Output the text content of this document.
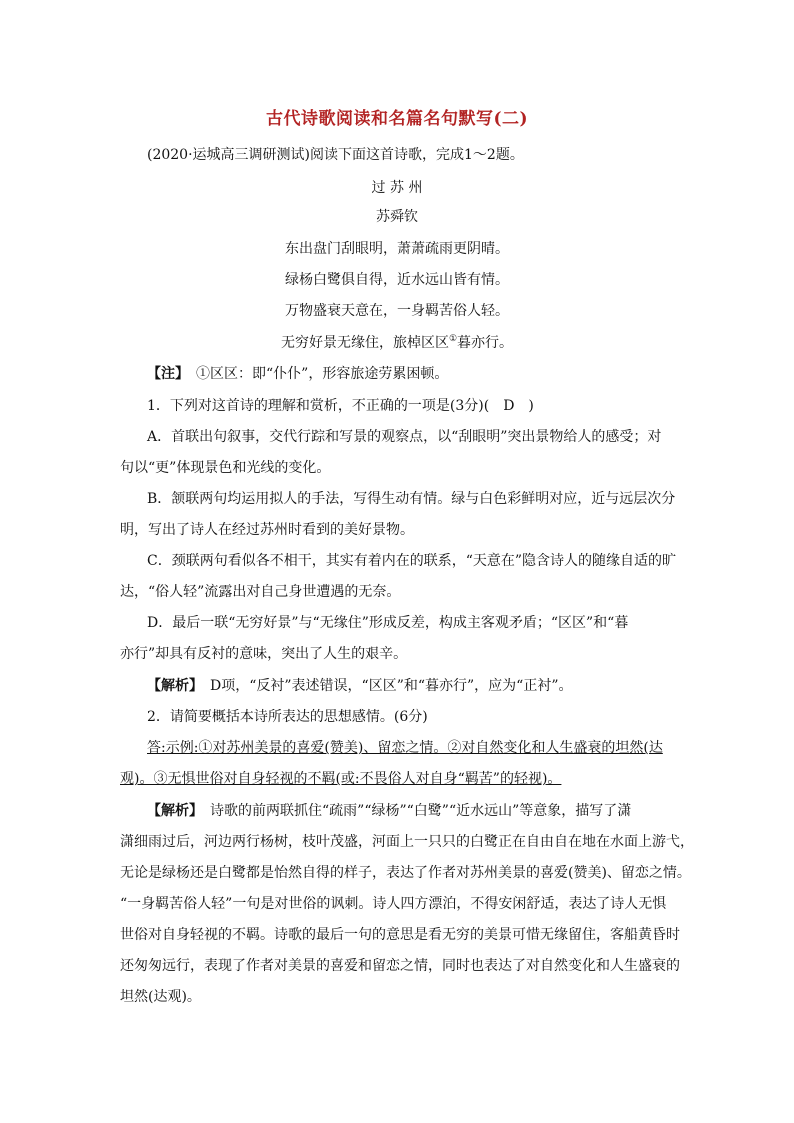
古代诗歌阅读和名篇名句默写(二)
(2020·运城高三调研测试)阅读下面这首诗歌，完成1～2题。
过 苏 州
苏舜钦
东出盘门刮眼明，萧萧疏雨更阴晴。
绿杨白鹭俱自得，近水远山皆有情。
万物盛衰天意在，一身羁苦俗人轻。
无穷好景无缘住，旅棹区区①暮亦行。
【注】　 ①区区：即“仆仆”，形容旅途劳累困顿。
1．下列对这首诗的理解和赏析，不正确的一项是(3分)(　D　)
A．首联出句叙事，交代行踪和写景的观察点，以“刮眼明”突出景物给人的感受；对
句以“更”体现景色和光线的变化。
B．颔联两句均运用拟人的手法，写得生动有情。绿与白色彩鲜明对应，近与远层次分
明，写出了诗人在经过苏州时看到的美好景物。
C．颈联两句看似各不相干，其实有着内在的联系，“天意在”隐含诗人的随缘自适的旷
达，“俗人轻”流露出对自己身世遭遇的无奈。
D．最后一联“无穷好景”与“无缘住”形成反差，构成主客观矛盾；“区区”和“暮
亦行”却具有反衬的意味，突出了人生的艰辛。
【解析】　 D项，“反衬”表述错误，“区区”和“暮亦行”，应为“正衬”。
2．请简要概括本诗所表达的思想感情。(6分)
答:示例:①对苏州美景的喜爱(赞美)、留恋之情。②对自然变化和人生盛衰的坦然(达
观)。③无惧世俗对自身轻视的不羁(或:不畏俗人对自身“羁苦”的轻视)。
【解析】　 诗歌的前两联抓住“疏雨”“绿杨”“白鹭”“近水远山”等意象，描写了潇
潇细雨过后，河边两行杨树，枝叶茂盛，河面上一只只的白鹭正在自由自在地在水面上游弋，
无论是绿杨还是白鹭都是怡然自得的样子，表达了作者对苏州美景的喜爱(赞美)、留恋之情。
“一身羁苦俗人轻”一句是对世俗的讽刺。诗人四方漂泊，不得安闲舒适，表达了诗人无惧
世俗对自身轻视的不羁。诗歌的最后一句的意思是看无穷的美景可惜无缘留住，客船黄昏时
还匆匆远行，表现了作者对美景的喜爱和留恋之情，同时也表达了对自然变化和人生盛衰的
坦然(达观)。
